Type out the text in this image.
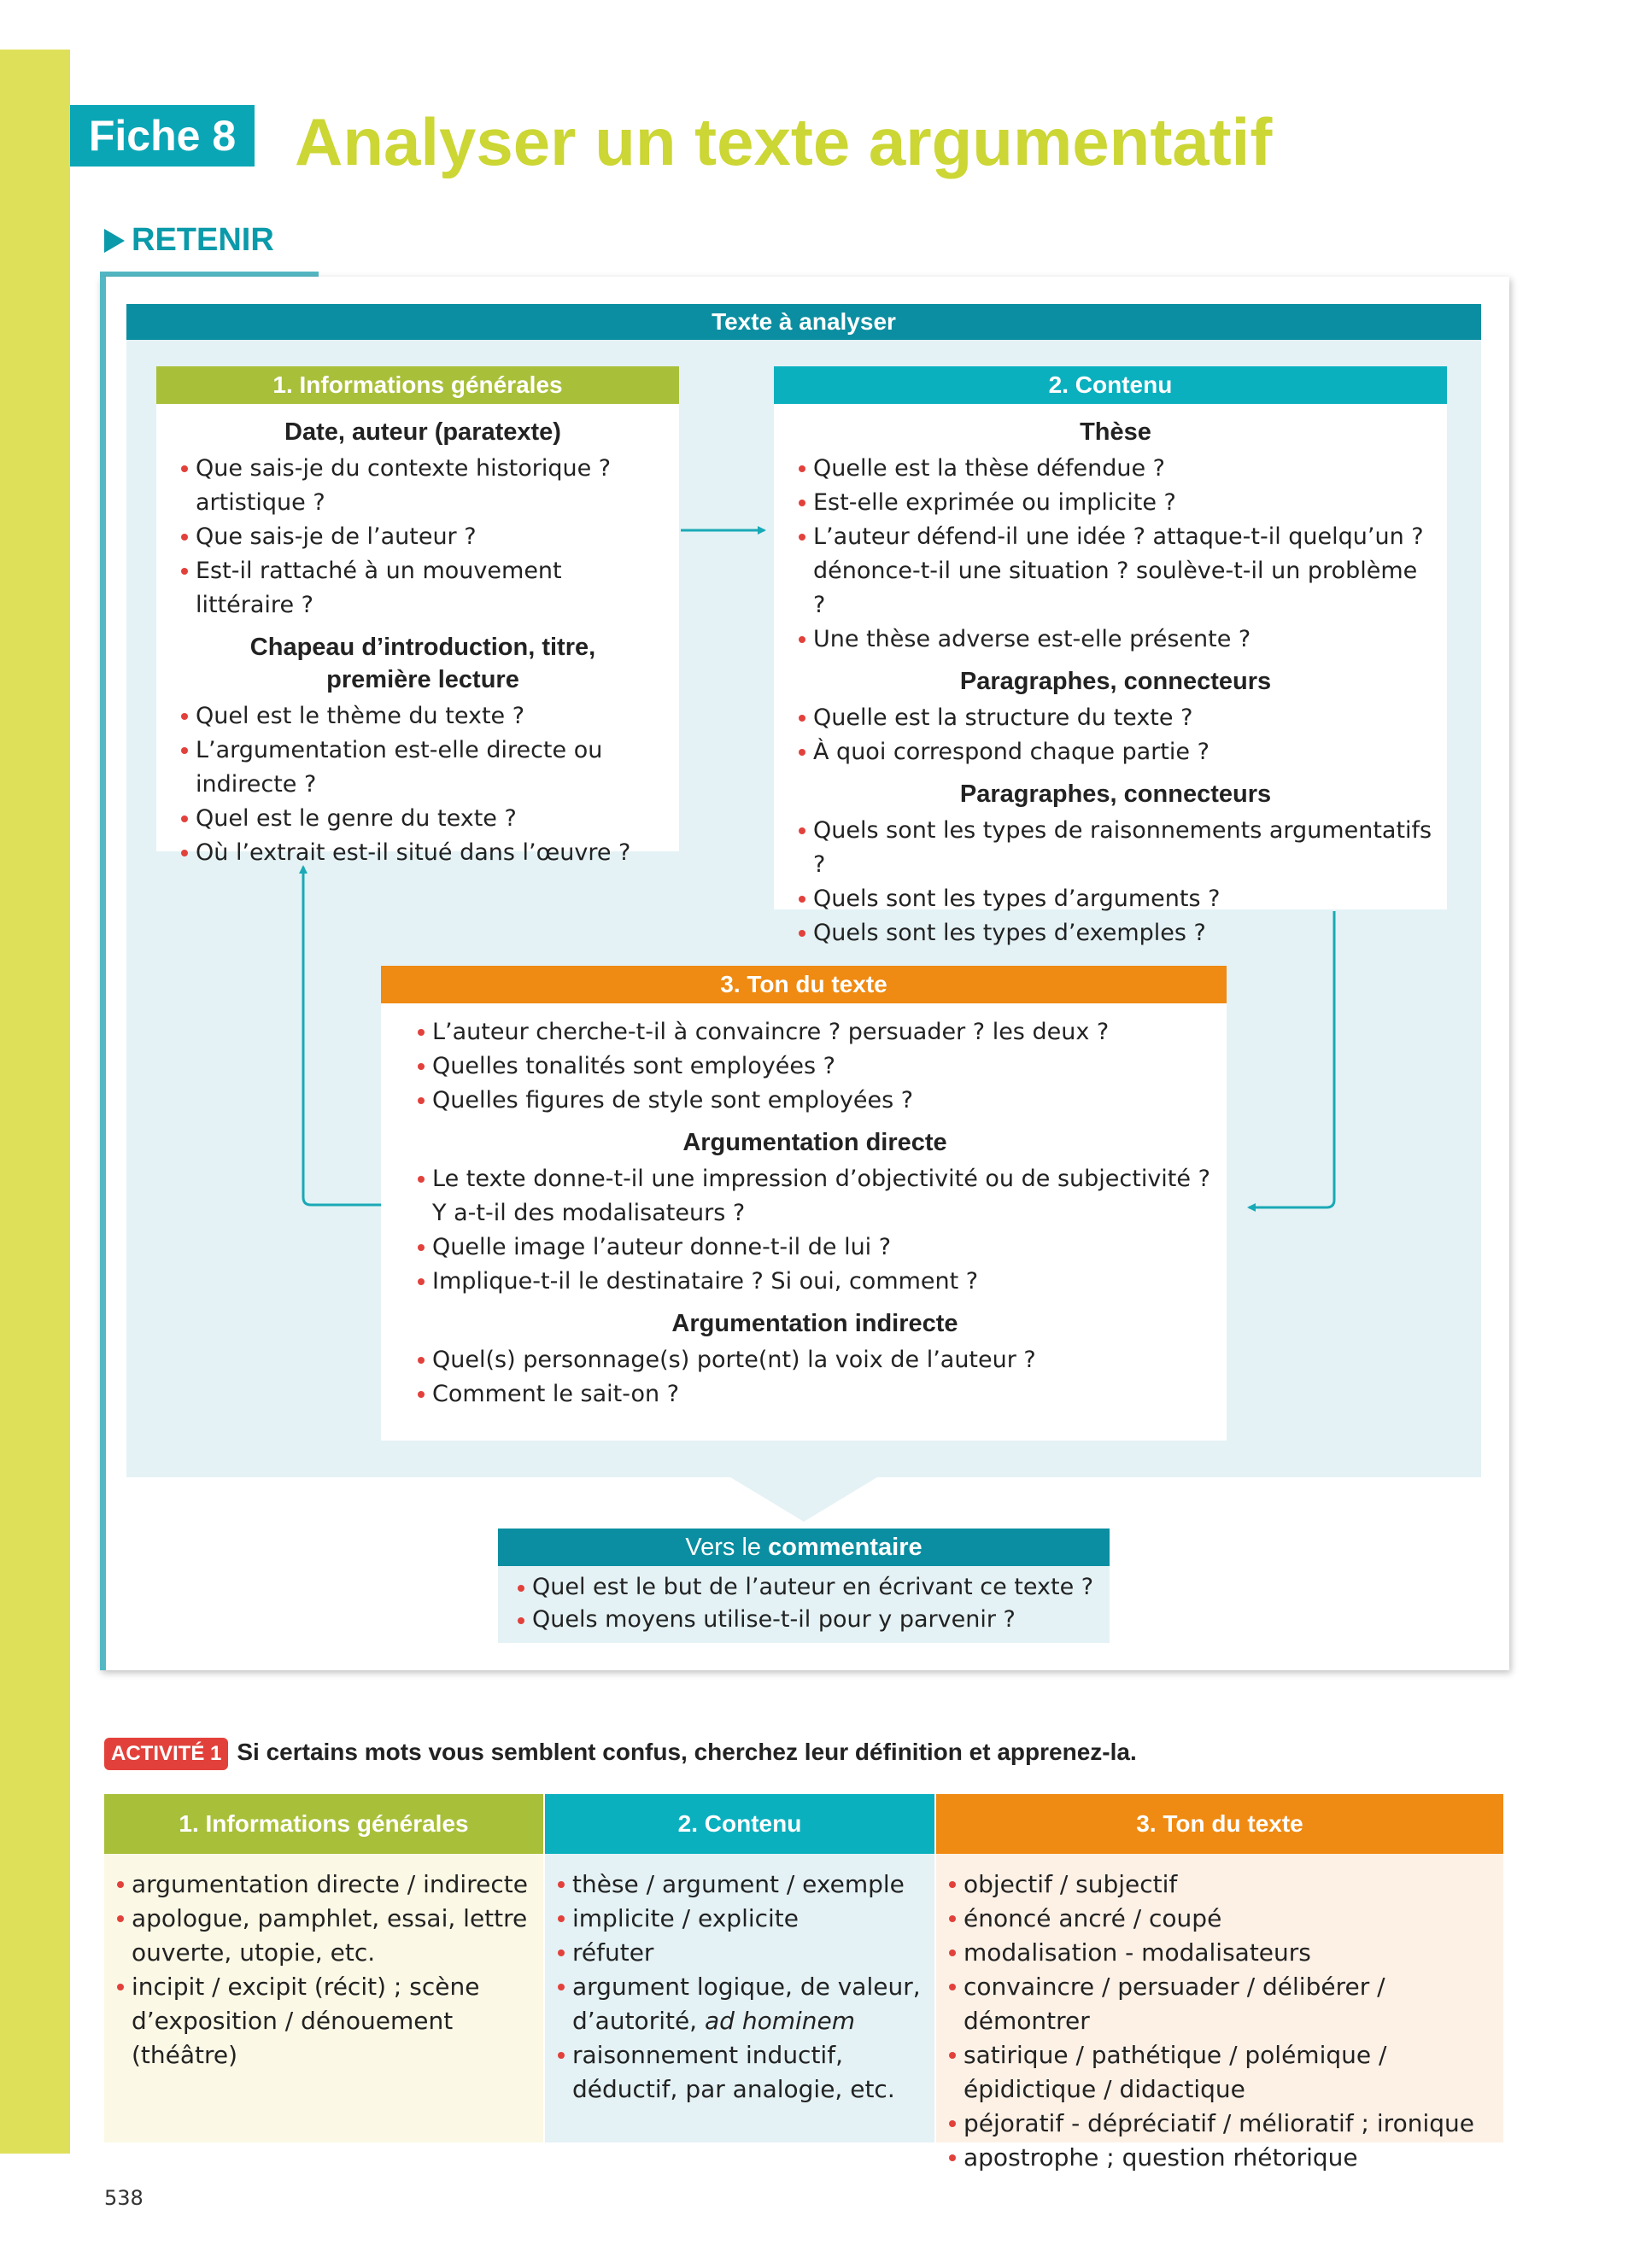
Fiche 8 Analyser un texte argumentatif
RETENIR
Texte à analyser
1. Informations générales
Date, auteur (paratexte)
Que sais-je du contexte historique ? artistique ?
Que sais-je de l’auteur ?
Est-il rattaché à un mouvement littéraire ?
Chapeau d’introduction, titre, première lecture
Quel est le thème du texte ?
L’argumentation est-elle directe ou indirecte ?
Quel est le genre du texte ?
Où l’extrait est-il situé dans l’œuvre ?
2. Contenu
Thèse
Quelle est la thèse défendue ?
Est-elle exprimée ou implicite ?
L’auteur défend-il une idée ? attaque-t-il quelqu’un ? dénonce-t-il une situation ? soulève-t-il un problème ?
Une thèse adverse est-elle présente ?
Paragraphes, connecteurs
Quelle est la structure du texte ?
À quoi correspond chaque partie ?
Paragraphes, connecteurs
Quels sont les types de raisonnements argumentatifs ?
Quels sont les types d’arguments ?
Quels sont les types d’exemples ?
3. Ton du texte
L’auteur cherche-t-il à convaincre ? persuader ? les deux ?
Quelles tonalités sont employées ?
Quelles figures de style sont employées ?
Argumentation directe
Le texte donne-t-il une impression d’objectivité ou de subjectivité ? Y a-t-il des modalisateurs ?
Quelle image l’auteur donne-t-il de lui ?
Implique-t-il le destinataire ? Si oui, comment ?
Argumentation indirecte
Quel(s) personnage(s) porte(nt) la voix de l’auteur ?
Comment le sait-on ?
Vers le commentaire
Quel est le but de l’auteur en écrivant ce texte ?
Quels moyens utilise-t-il pour y parvenir ?
ACTIVITÉ 1 Si certains mots vous semblent confus, cherchez leur définition et apprenez-la.
1. Informations générales
argumentation directe / indirecte
apologue, pamphlet, essai, lettre ouverte, utopie, etc.
incipit / excipit (récit) ; scène d’exposition / dénouement (théâtre)
2. Contenu
thèse / argument / exemple
implicite / explicite
réfuter
argument logique, de valeur, d’autorité, ad hominem
raisonnement inductif, déductif, par analogie, etc.
3. Ton du texte
objectif / subjectif
énoncé ancré / coupé
modalisation - modalisateurs
convaincre / persuader / délibérer / démontrer
satirique / pathétique / polémique / épidictique / didactique
péjoratif - dépréciatif / mélioratif ; ironique
apostrophe ; question rhétorique
538
